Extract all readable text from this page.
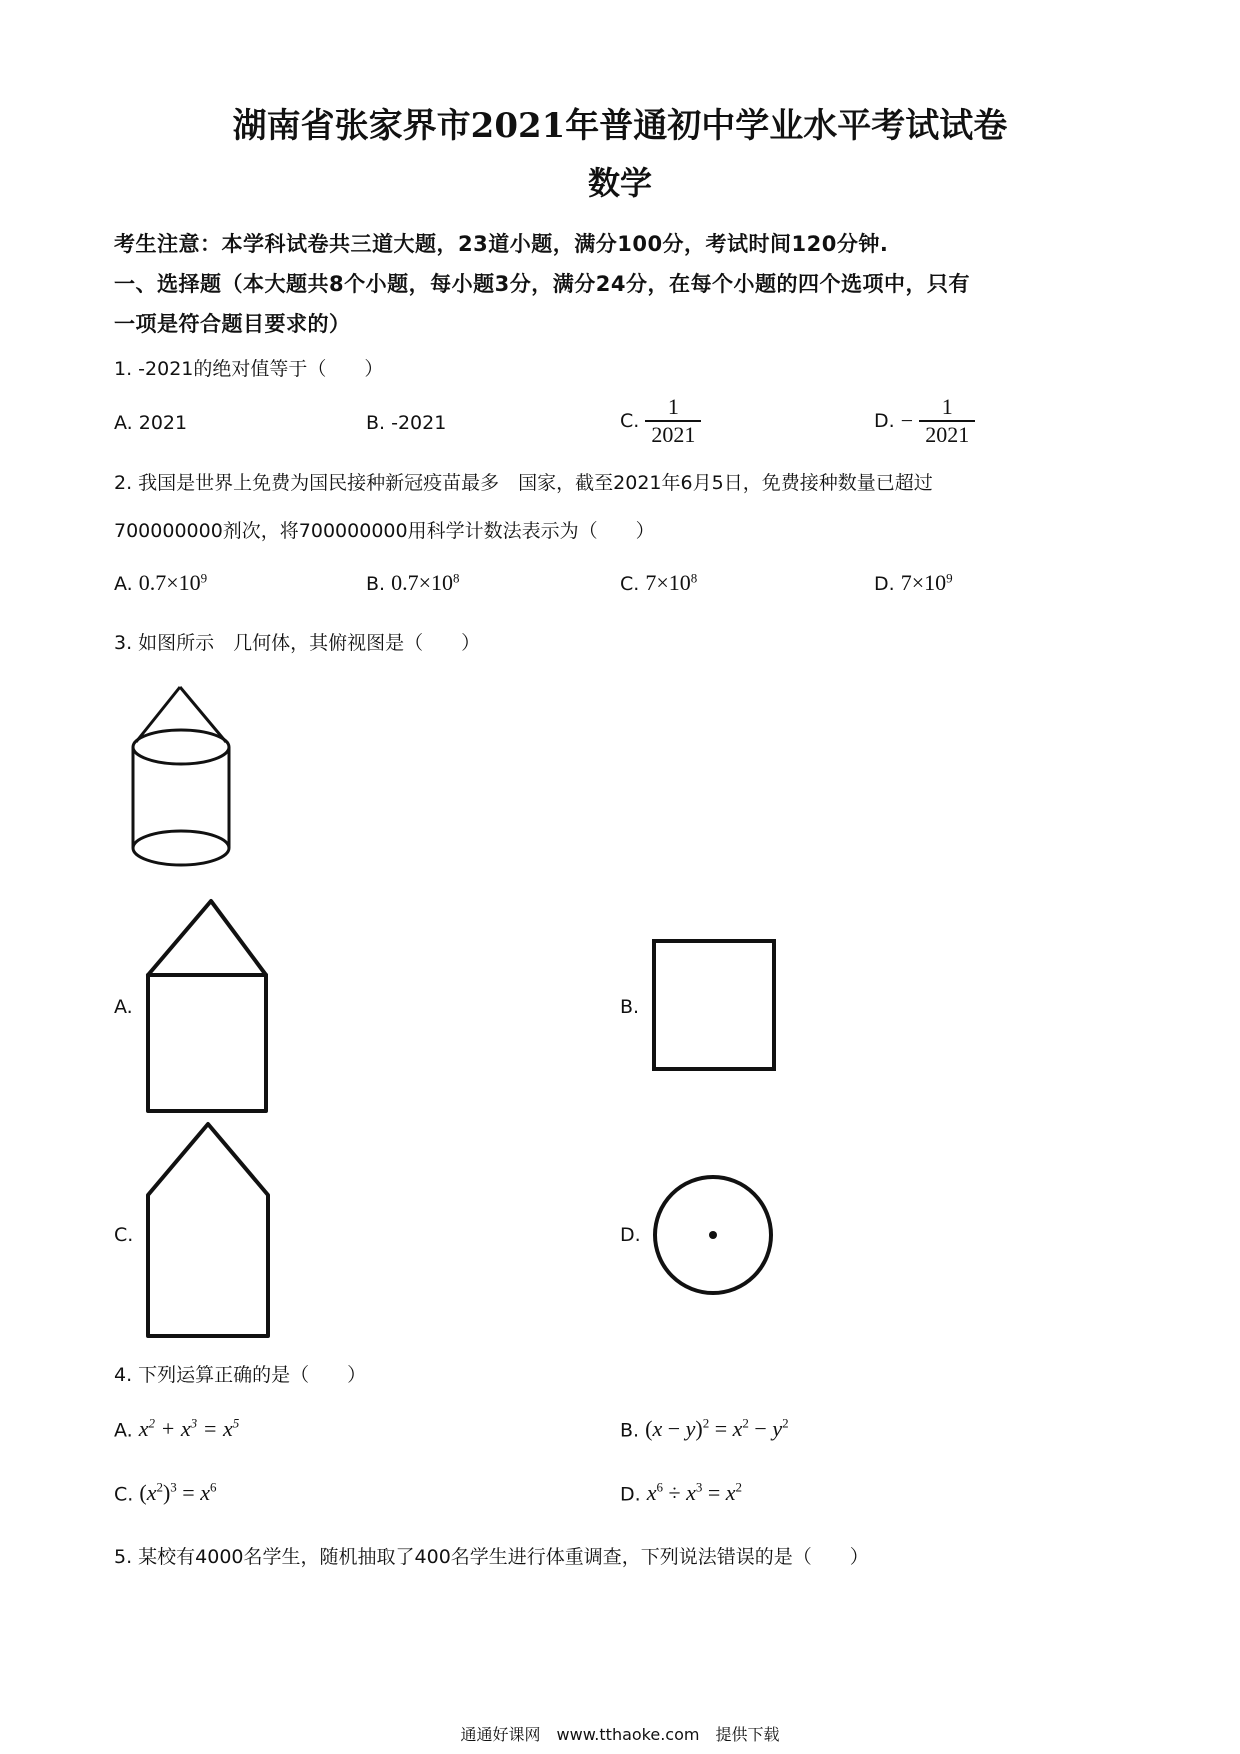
湖南省张家界市2021年普通初中学业水平考试试卷
数学
考生注意：本学科试卷共三道大题，23道小题，满分100分，考试时间120分钟.
一、选择题（本大题共8个小题，每小题3分，满分24分，在每个小题的四个选项中，只有
一项是符合题目要求的）
1. -2021的绝对值等于（　　）
A. 2021	B. -2021	C. $\frac{1}{2021}$	D. − $\frac{1}{2021}$
2. 我国是世界上免费为国民接种新冠疫苗最多　国家，截至2021年6月5日，免费接种数量已超过
700000000剂次，将700000000用科学计数法表示为（　　）
A. $0.7\times 10^9$	B. $0.7\times 10^8$	C. $7\times 10^8$	D. $7\times 10^9$
3. 如图所示　几何体，其俯视图是（　　）
A.	B.
C.	D.
4. 下列运算正确的是（　　）
A. $x^2 + x^3 = x^5$	B. $(x - y)^2 = x^2 - y^2$
C. $(x^2)^3 = x^6$	D. $x^6 \div x^3 = x^2$
5. 某校有4000名学生，随机抽取了400名学生进行体重调查，下列说法错误的是（　　）
通通好课网　www.tthaoke.com　提供下载
